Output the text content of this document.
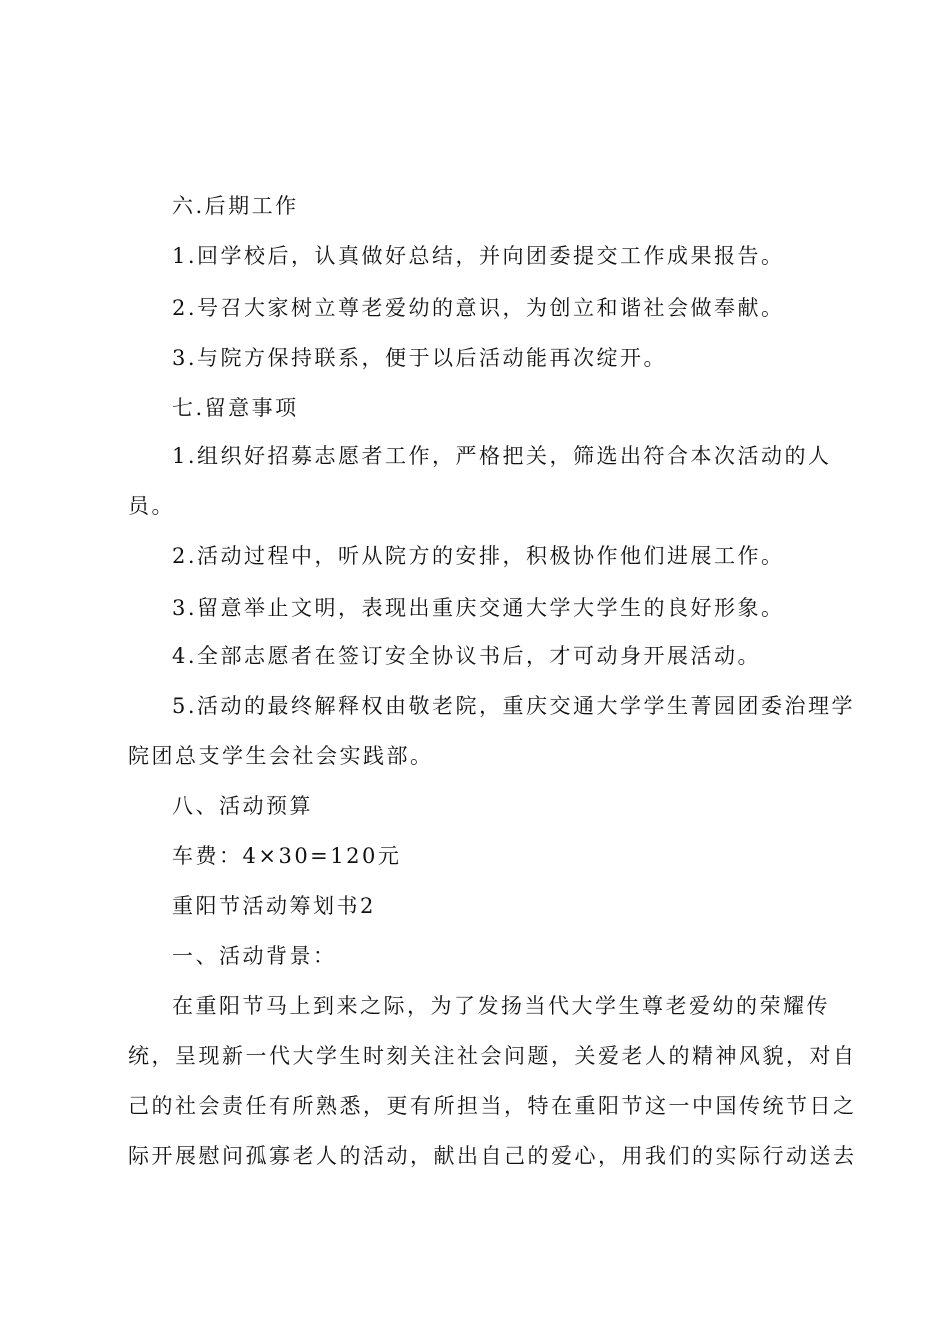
六.后期工作
1.回学校后，认真做好总结，并向团委提交工作成果报告。
2.号召大家树立尊老爱幼的意识，为创立和谐社会做奉献。
3.与院方保持联系，便于以后活动能再次绽开。
七.留意事项
1.组织好招募志愿者工作，严格把关，筛选出符合本次活动的人
员。
2.活动过程中，听从院方的安排，积极协作他们进展工作。
3.留意举止文明，表现出重庆交通大学大学生的良好形象。
4.全部志愿者在签订安全协议书后，才可动身开展活动。
5.活动的最终解释权由敬老院，重庆交通大学学生菁园团委治理学
院团总支学生会社会实践部。
八、活动预算
车费：4×30=120元
重阳节活动筹划书2
一、活动背景：
在重阳节马上到来之际，为了发扬当代大学生尊老爱幼的荣耀传
统，呈现新一代大学生时刻关注社会问题，关爱老人的精神风貌，对自
己的社会责任有所熟悉，更有所担当，特在重阳节这一中国传统节日之
际开展慰问孤寡老人的活动，献出自己的爱心，用我们的实际行动送去
